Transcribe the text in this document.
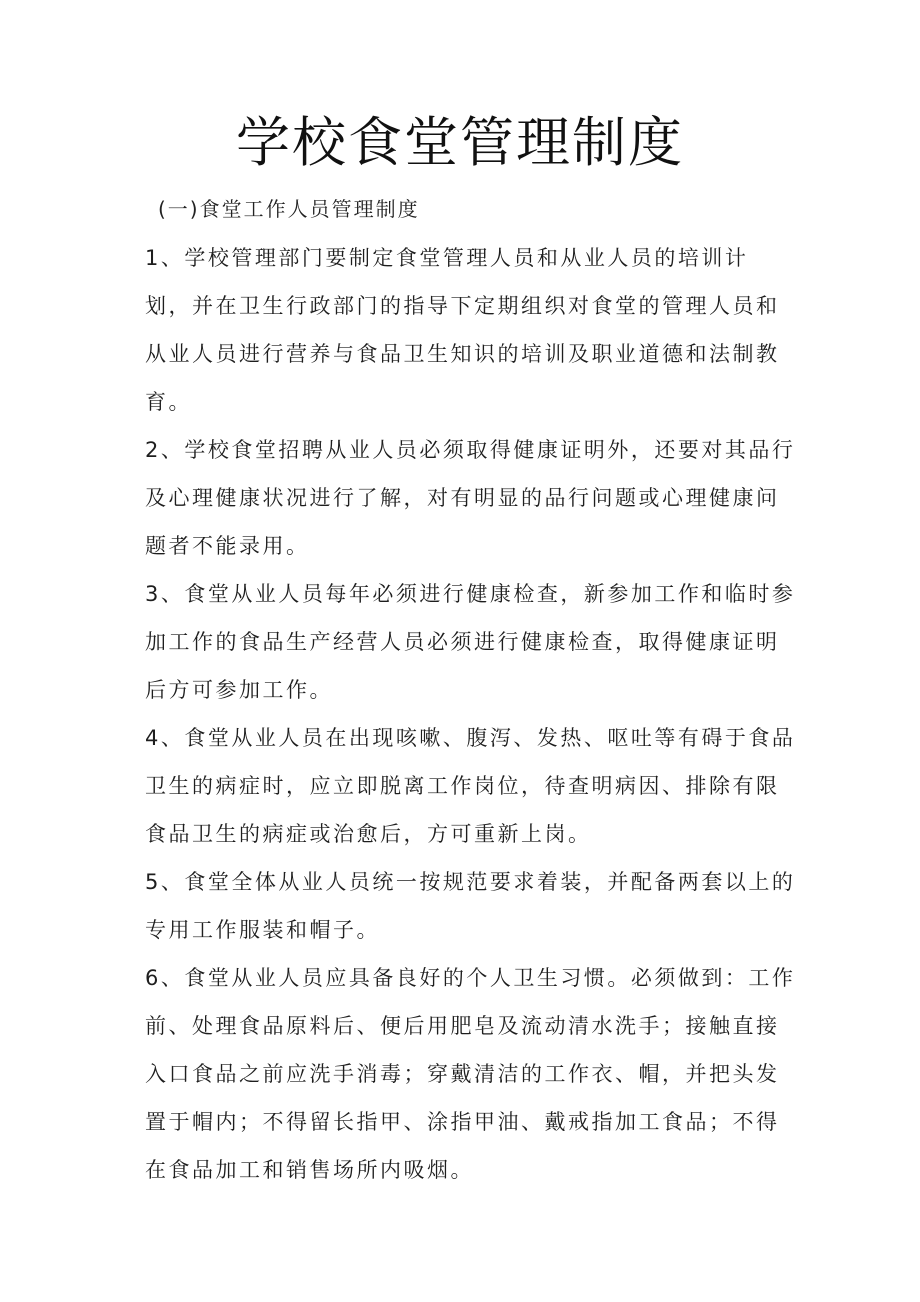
学校食堂管理制度
(一)食堂工作人员管理制度

1、学校管理部门要制定食堂管理人员和从业人员的培训计
划，并在卫生行政部门的指导下定期组织对食堂的管理人员和
从业人员进行营养与食品卫生知识的培训及职业道德和法制教
育。

2、学校食堂招聘从业人员必须取得健康证明外，还要对其品行
及心理健康状况进行了解，对有明显的品行问题或心理健康问
题者不能录用。

3、食堂从业人员每年必须进行健康检查，新参加工作和临时参
加工作的食品生产经营人员必须进行健康检查，取得健康证明
后方可参加工作。

4、食堂从业人员在出现咳嗽、腹泻、发热、呕吐等有碍于食品
卫生的病症时，应立即脱离工作岗位，待查明病因、排除有限
食品卫生的病症或治愈后，方可重新上岗。

5、食堂全体从业人员统一按规范要求着装，并配备两套以上的
专用工作服装和帽子。

6、食堂从业人员应具备良好的个人卫生习惯。必须做到：工作
前、处理食品原料后、便后用肥皂及流动清水洗手；接触直接
入口食品之前应洗手消毒；穿戴清洁的工作衣、帽，并把头发
置于帽内；不得留长指甲、涂指甲油、戴戒指加工食品；不得
在食品加工和销售场所内吸烟。
